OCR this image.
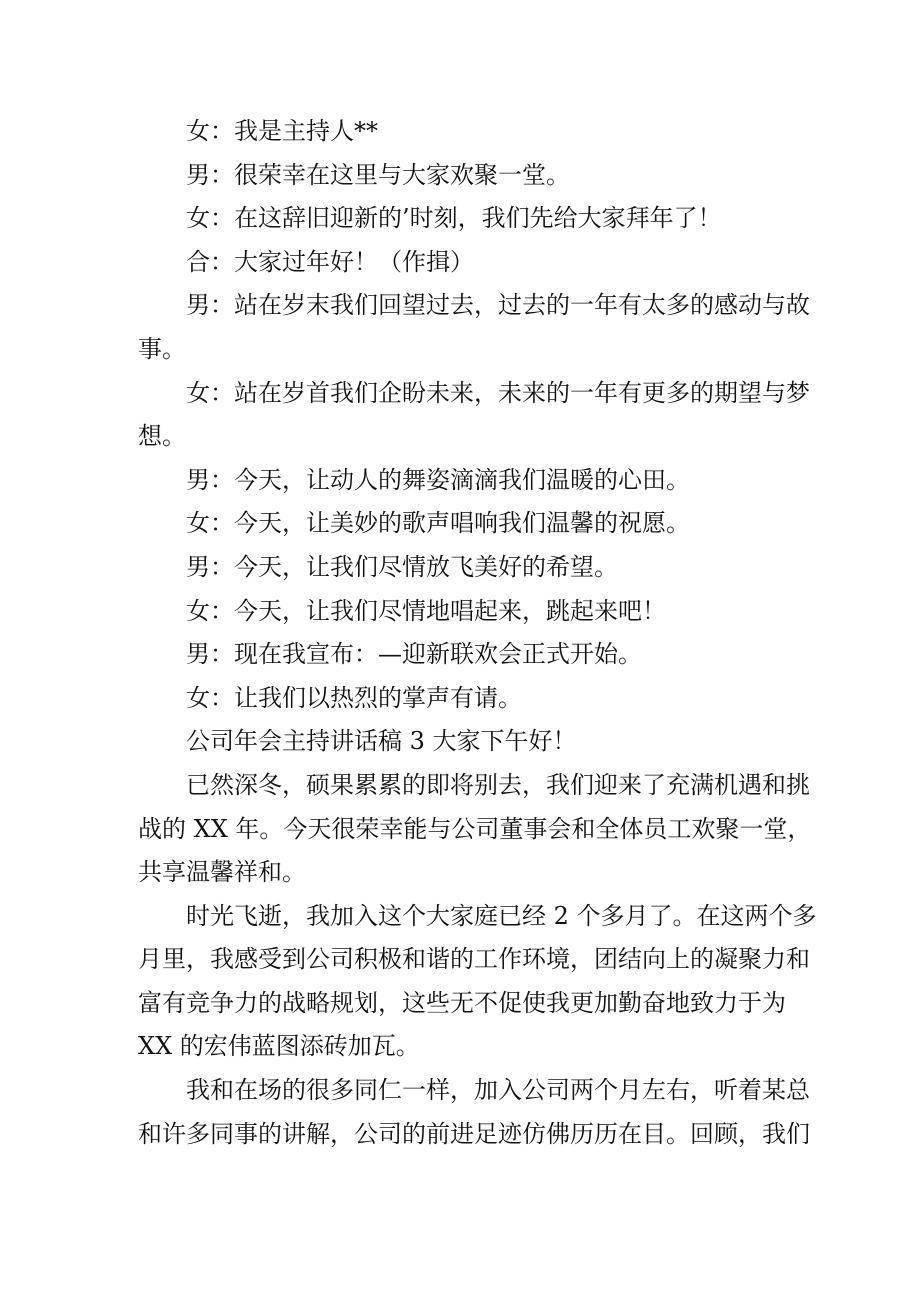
女：我是主持人**

男：很荣幸在这里与大家欢聚一堂。

女：在这辞旧迎新的’时刻，我们先给大家拜年了！

合：大家过年好！（作揖）

男：站在岁末我们回望过去，过去的一年有太多的感动与故

事。

女：站在岁首我们企盼未来，未来的一年有更多的期望与梦

想。

男：今天，让动人的舞姿滴滴我们温暖的心田。

女：今天，让美妙的歌声唱响我们温馨的祝愿。

男：今天，让我们尽情放飞美好的希望。

女：今天，让我们尽情地唱起来，跳起来吧！

男：现在我宣布：—迎新联欢会正式开始。

女：让我们以热烈的掌声有请。

公司年会主持讲话稿 3 大家下午好！

已然深冬，硕果累累的即将别去，我们迎来了充满机遇和挑

战的 XX 年。今天很荣幸能与公司董事会和全体员工欢聚一堂，

共享温馨祥和。

时光飞逝，我加入这个大家庭已经 2 个多月了。在这两个多

月里，我感受到公司积极和谐的工作环境，团结向上的凝聚力和

富有竞争力的战略规划，这些无不促使我更加勤奋地致力于为

XX 的宏伟蓝图添砖加瓦。

我和在场的很多同仁一样，加入公司两个月左右，听着某总

和许多同事的讲解，公司的前进足迹仿佛历历在目。回顾，我们
